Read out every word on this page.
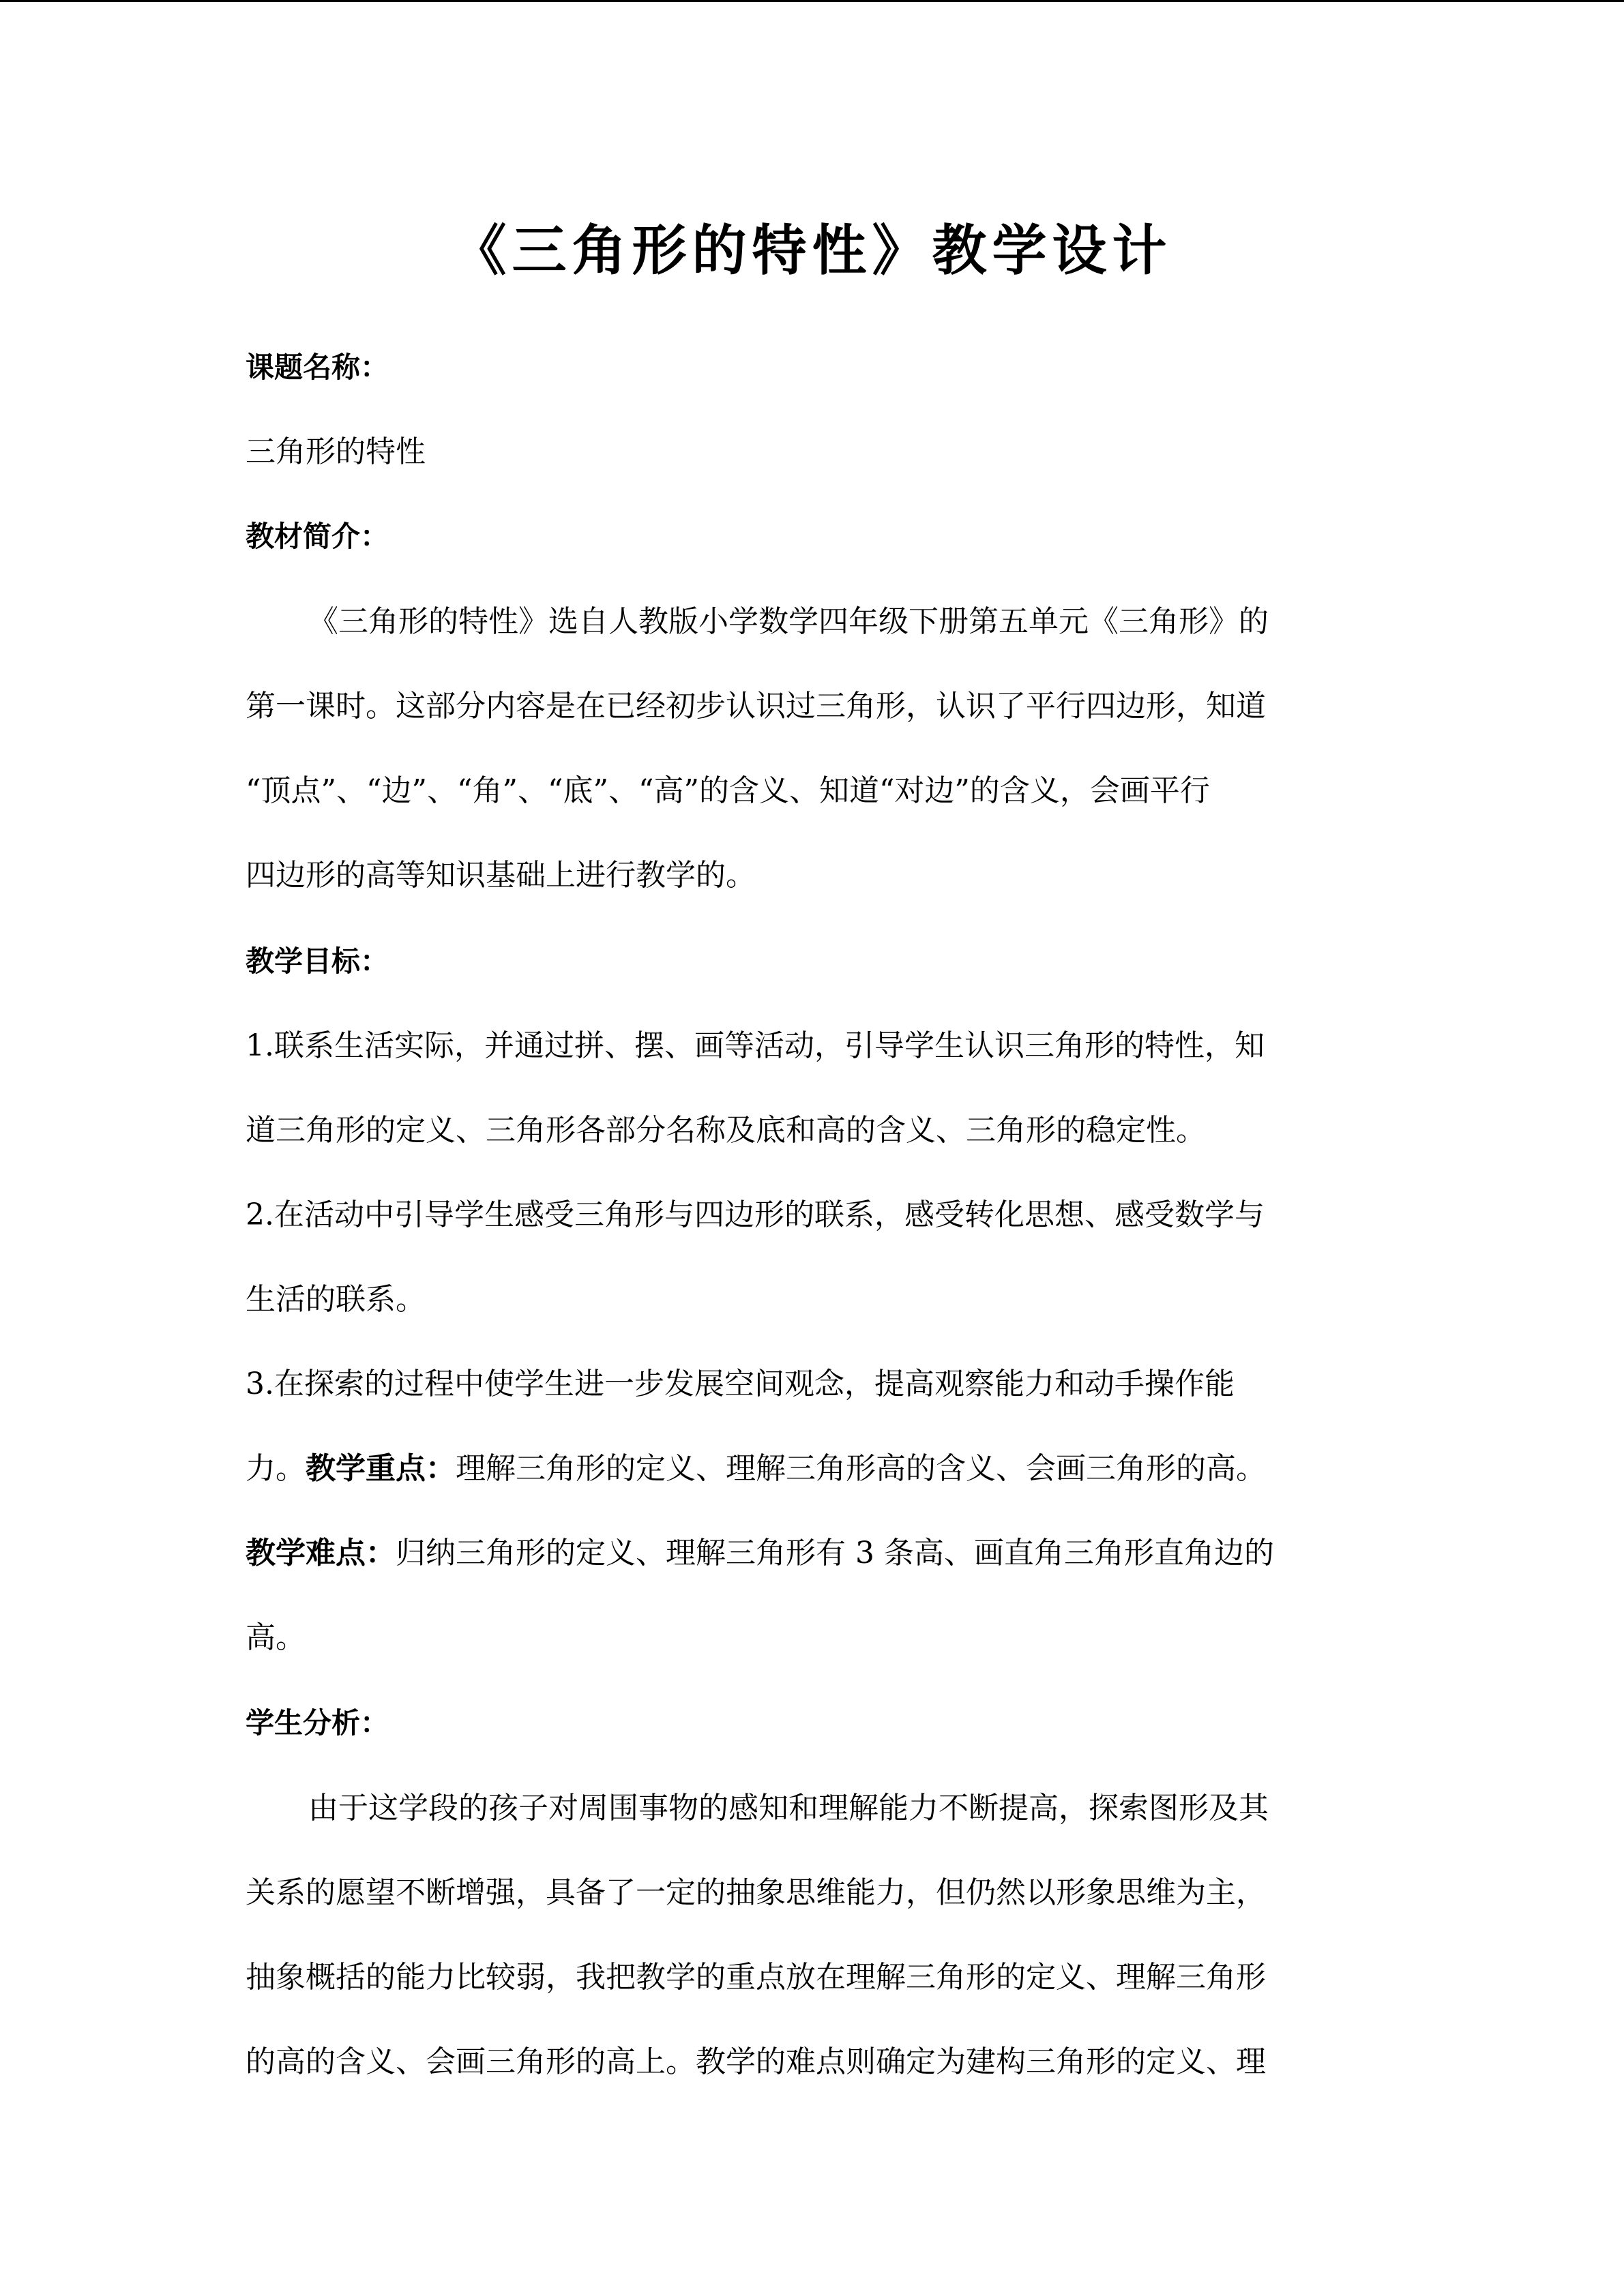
《三角形的特性》教学设计

课题名称：

三角形的特性

教材简介：

《三角形的特性》选自人教版小学数学四年级下册第五单元《三角形》的

第一课时。这部分内容是在已经初步认识过三角形，认识了平行四边形，知道

“顶点”、“边”、“角”、“底”、“高”的含义、知道“对边”的含义，会画平行

四边形的高等知识基础上进行教学的。

教学目标：

1.联系生活实际，并通过拼、摆、画等活动，引导学生认识三角形的特性，知

道三角形的定义、三角形各部分名称及底和高的含义、三角形的稳定性。

2.在活动中引导学生感受三角形与四边形的联系，感受转化思想、感受数学与

生活的联系。

3.在探索的过程中使学生进一步发展空间观念，提高观察能力和动手操作能

力。教学重点：理解三角形的定义、理解三角形高的含义、会画三角形的高。

教学难点：归纳三角形的定义、理解三角形有 3 条高、画直角三角形直角边的

高。

学生分析：

由于这学段的孩子对周围事物的感知和理解能力不断提高，探索图形及其

关系的愿望不断增强，具备了一定的抽象思维能力，但仍然以形象思维为主，

抽象概括的能力比较弱，我把教学的重点放在理解三角形的定义、理解三角形

的高的含义、会画三角形的高上。教学的难点则确定为建构三角形的定义、理
